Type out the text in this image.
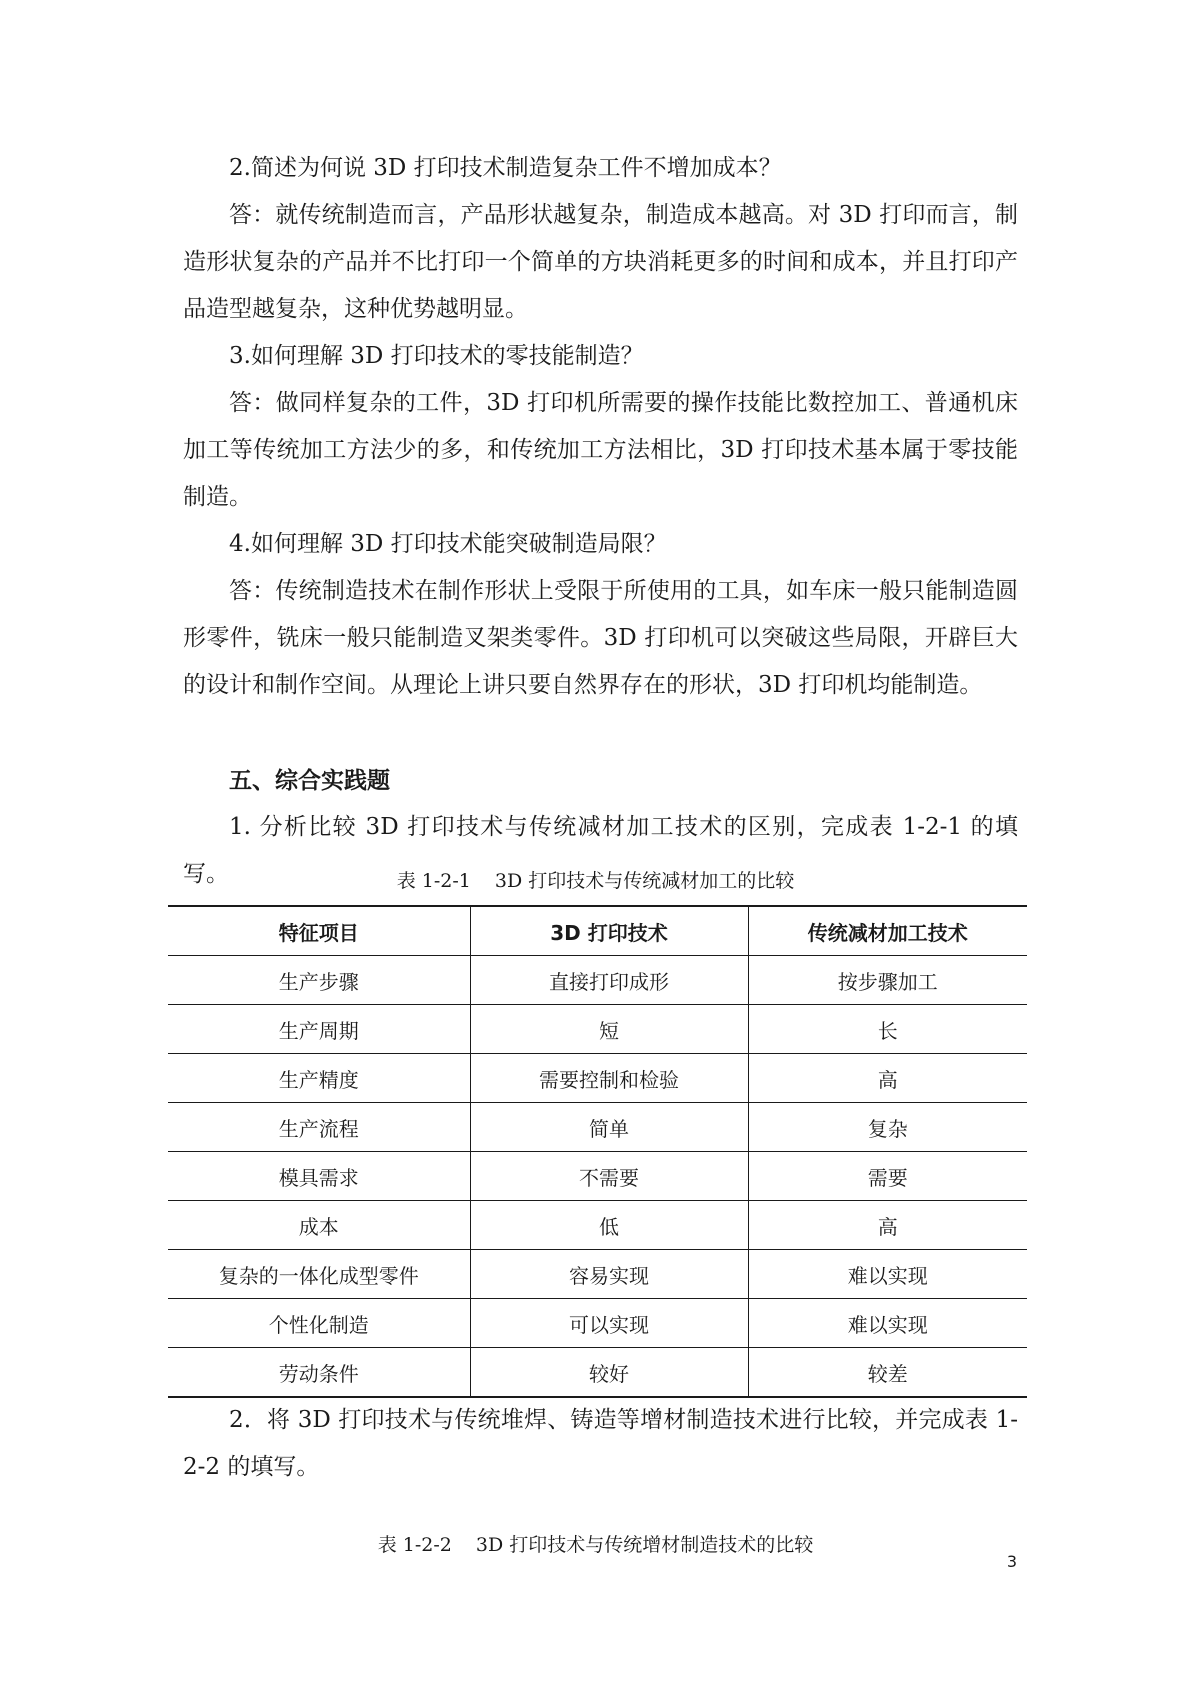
2.简述为何说 3D 打印技术制造复杂工件不增加成本？

答：就传统制造而言，产品形状越复杂，制造成本越高。对 3D 打印而言，制造形状复杂的产品并不比打印一个简单的方块消耗更多的时间和成本，并且打印产品造型越复杂，这种优势越明显。

3.如何理解 3D 打印技术的零技能制造？

答：做同样复杂的工件，3D 打印机所需要的操作技能比数控加工、普通机床加工等传统加工方法少的多，和传统加工方法相比，3D 打印技术基本属于零技能制造。

4.如何理解 3D 打印技术能突破制造局限？

答：传统制造技术在制作形状上受限于所使用的工具，如车床一般只能制造圆形零件，铣床一般只能制造叉架类零件。3D 打印机可以突破这些局限，开辟巨大的设计和制作空间。从理论上讲只要自然界存在的形状，3D 打印机均能制造。

五、综合实践题

1. 分析比较 3D 打印技术与传统减材加工技术的区别，完成表 1-2-1 的填写。	表 1-2-1 3D 打印技术与传统减材加工的比较

特征项目	3D 打印技术	传统减材加工技术
生产步骤	直接打印成形	按步骤加工
生产周期	短	长
生产精度	需要控制和检验	高
生产流程	简单	复杂
模具需求	不需要	需要
成本	低	高
复杂的一体化成型零件	容易实现	难以实现
个性化制造	可以实现	难以实现
劳动条件	较好	较差

2．将 3D 打印技术与传统堆焊、铸造等增材制造技术进行比较，并完成表 1-2-2 的填写。

表 1-2-2 3D 打印技术与传统增材制造技术的比较

3
